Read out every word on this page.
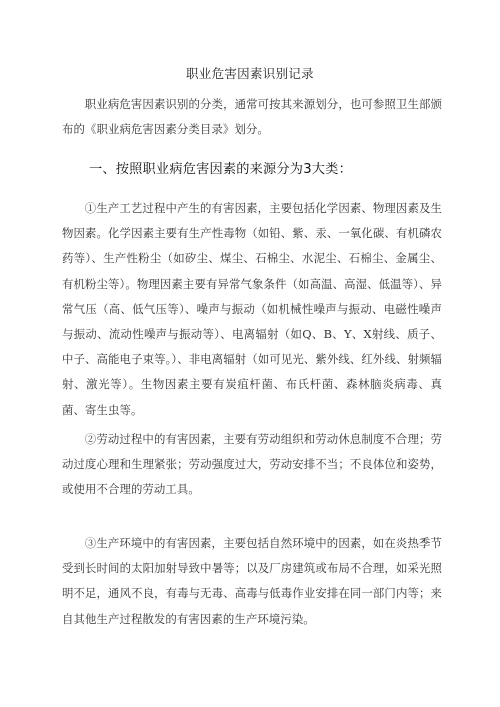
职业危害因素识别记录
职业病危害因素识别的分类，通常可按其来源划分，也可参照卫生部颁布的《职业病危害因素分类目录》划分。
一、按照职业病危害因素的来源分为3大类：
①生产工艺过程中产生的有害因素，主要包括化学因素、物理因素及生物因素。化学因素主要有生产性毒物（如铅、紫、汞、一氧化碳、有机磷农药等）、生产性粉尘（如矽尘、煤尘、石棉尘、水泥尘、石棉尘、金属尘、有机粉尘等）。物理因素主要有异常气象条件（如高温、高湿、低温等）、异常气压（高、低气压等）、噪声与振动（如机械性噪声与振动、电磁性噪声与振动、流动性噪声与振动等）、电离辐射（如Q、B、Y、X射线、质子、中子、高能电子束等。）、非电离辐射（如可见光、紫外线、红外线、射频辐射、激光等）。生物因素主要有炭疽杆菌、布氏杆菌、森林脑炎病毒、真菌、寄生虫等。
②劳动过程中的有害因素，主要有劳动组织和劳动休息制度不合理；劳动过度心理和生理紧张；劳动强度过大，劳动安排不当；不良体位和姿势，或使用不合理的劳动工具。
③生产环境中的有害因素，主要包括自然环境中的因素，如在炎热季节受到长时间的太阳加射导致中暑等；以及厂房建筑或布局不合理，如采光照明不足，通风不良，有毒与无毒、高毒与低毒作业安排在同一部门内等；来自其他生产过程散发的有害因素的生产环境污染。
